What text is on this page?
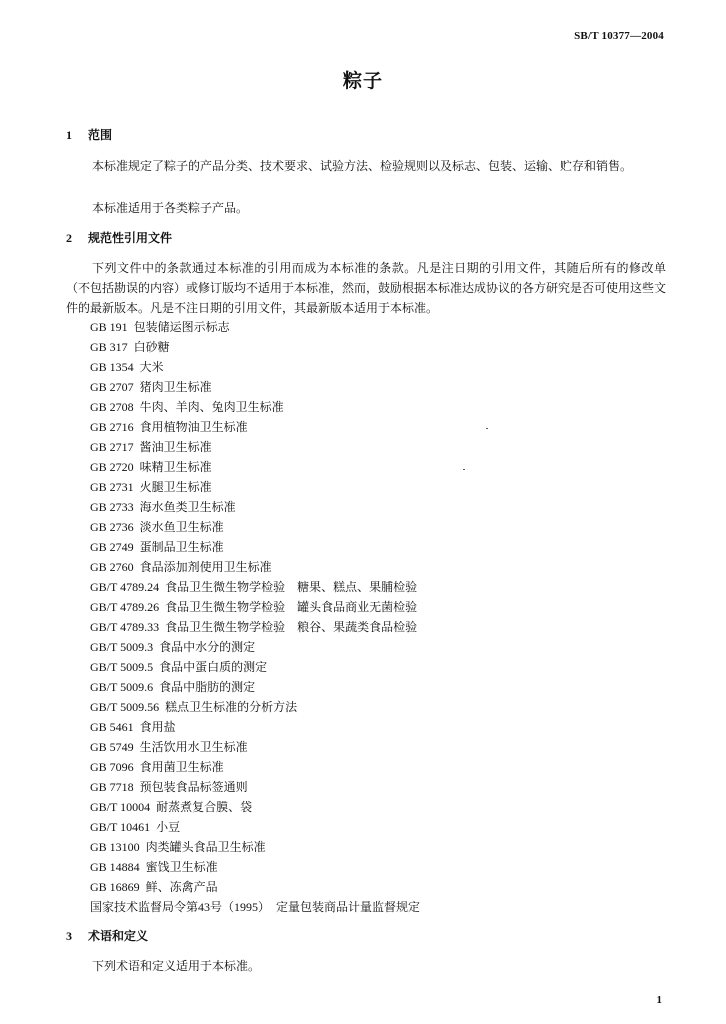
SB/T 10377—2004
粽子
1 范围
本标准规定了粽子的产品分类、技术要求、试验方法、检验规则以及标志、包装、运输、贮存和销售。
本标准适用于各类粽子产品。
2 规范性引用文件
下列文件中的条款通过本标准的引用而成为本标准的条款。凡是注日期的引用文件，其随后所有的修改单（不包括勘误的内容）或修订版均不适用于本标准，然而，鼓励根据本标准达成协议的各方研究是否可使用这些文件的最新版本。凡是不注日期的引用文件，其最新版本适用于本标准。
GB 191 包装储运图示标志
GB 317 白砂糖
GB 1354 大米
GB 2707 猪肉卫生标准
GB 2708 牛肉、羊肉、兔肉卫生标准
GB 2716 食用植物油卫生标准
GB 2717 酱油卫生标准
GB 2720 味精卫生标准
GB 2731 火腿卫生标准
GB 2733 海水鱼类卫生标准
GB 2736 淡水鱼卫生标准
GB 2749 蛋制品卫生标准
GB 2760 食品添加剂使用卫生标准
GB/T 4789.24 食品卫生微生物学检验　糖果、糕点、果脯检验
GB/T 4789.26 食品卫生微生物学检验　罐头食品商业无菌检验
GB/T 4789.33 食品卫生微生物学检验　粮谷、果蔬类食品检验
GB/T 5009.3 食品中水分的测定
GB/T 5009.5 食品中蛋白质的测定
GB/T 5009.6 食品中脂肪的测定
GB/T 5009.56 糕点卫生标准的分析方法
GB 5461 食用盐
GB 5749 生活饮用水卫生标准
GB 7096 食用菌卫生标准
GB 7718 预包装食品标签通则
GB/T 10004 耐蒸煮复合膜、袋
GB/T 10461 小豆
GB 13100 肉类罐头食品卫生标准
GB 14884 蜜饯卫生标准
GB 16869 鲜、冻禽产品
国家技术监督局令第43号（1995） 定量包装商品计量监督规定
3 术语和定义
下列术语和定义适用于本标准。
1
